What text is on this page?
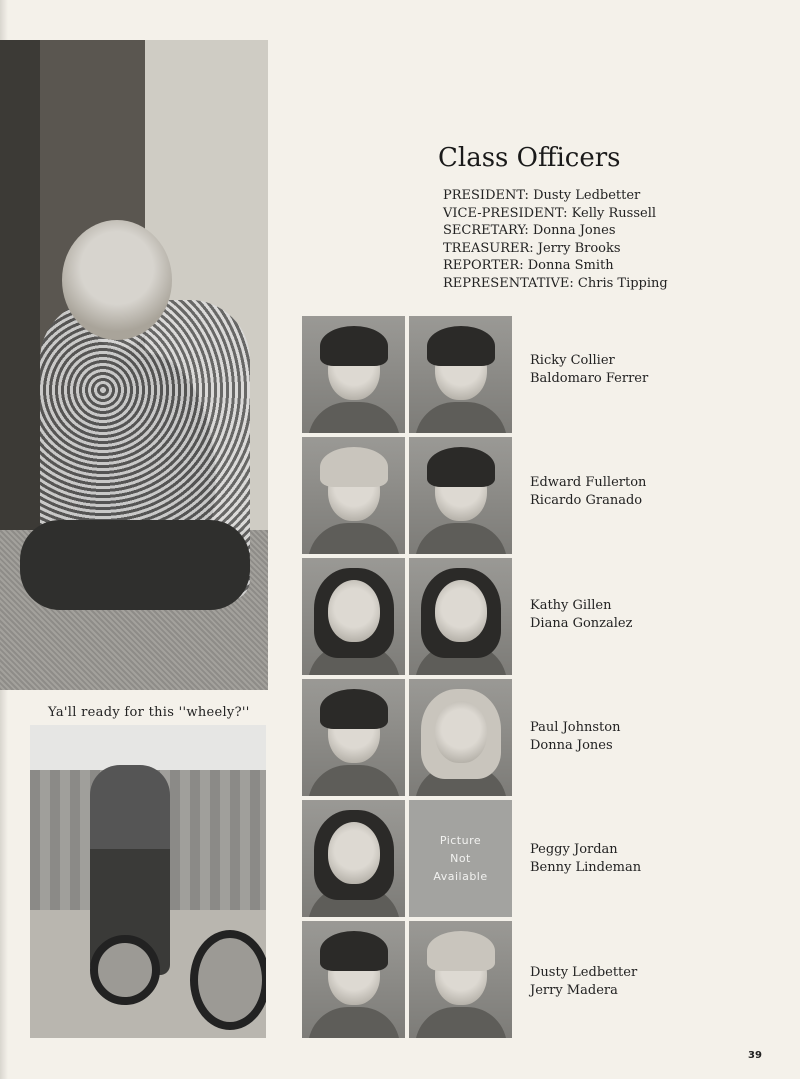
Ya'll ready for this ''wheely?''
Class Officers
PRESIDENT: Dusty Ledbetter
VICE-PRESIDENT: Kelly Russell
SECRETARY: Donna Jones
TREASURER: Jerry Brooks
REPORTER: Donna Smith
REPRESENTATIVE: Chris Tipping
Picture
Not
Available
Ricky Collier
Baldomaro Ferrer
Edward Fullerton
Ricardo Granado
Kathy Gillen
Diana Gonzalez
Paul Johnston
Donna Jones
Peggy Jordan
Benny Lindeman
Dusty Ledbetter
Jerry Madera
39
